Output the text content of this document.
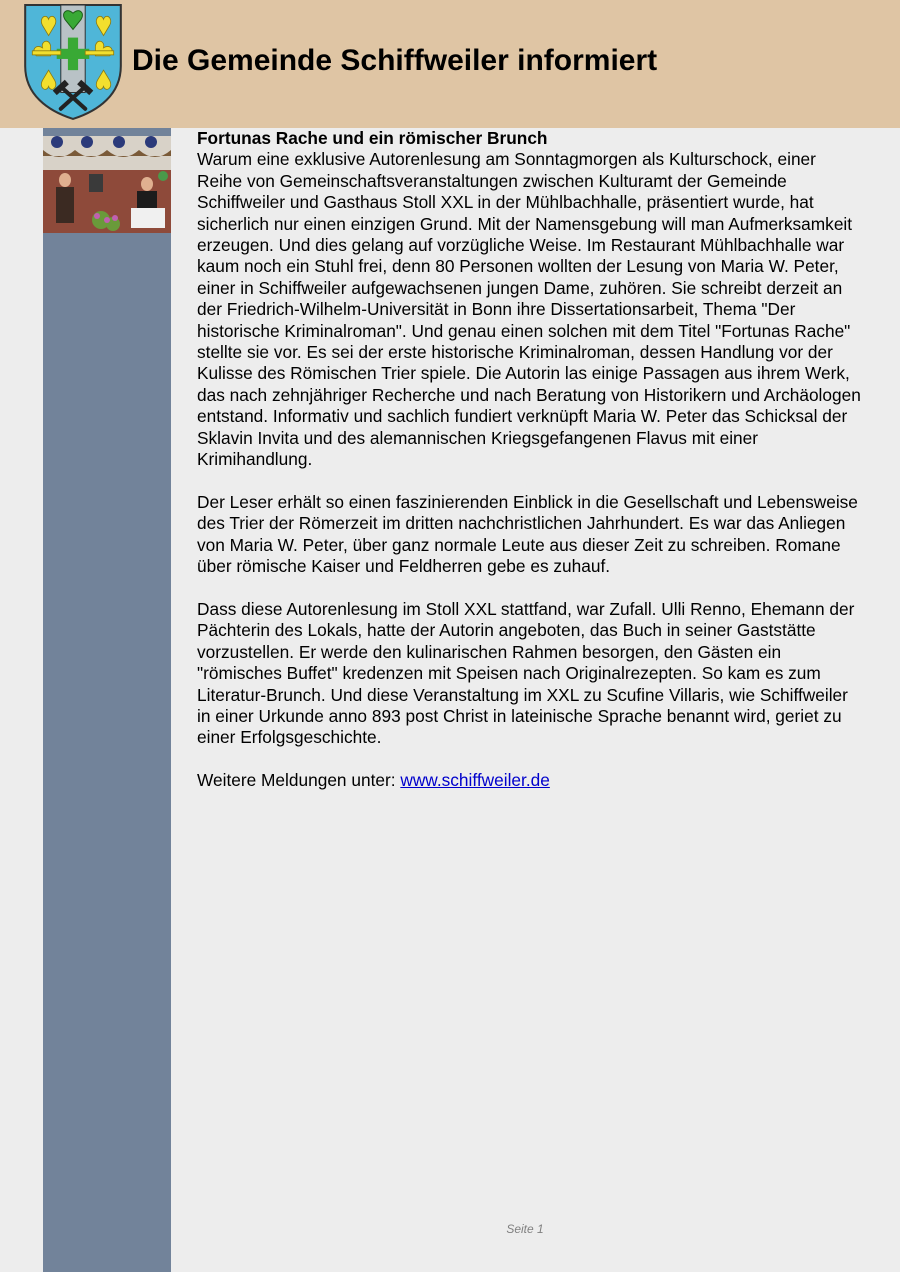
Die Gemeinde Schiffweiler informiert
Fortunas Rache und ein römischer Brunch

Warum eine exklusive Autorenlesung am Sonntagmorgen als Kulturschock, einer Reihe von Gemeinschaftsveranstaltungen zwischen Kulturamt der Gemeinde Schiffweiler und Gasthaus Stoll XXL in der Mühlbachhalle, präsentiert wurde, hat sicherlich nur einen einzigen Grund. Mit der Namensgebung will man Aufmerksamkeit erzeugen. Und dies gelang auf vorzügliche Weise. Im Restaurant Mühlbachhalle war kaum noch ein Stuhl frei, denn 80 Personen wollten der Lesung von Maria W. Peter, einer in Schiffweiler aufgewachsenen jungen Dame, zuhören. Sie schreibt derzeit an der Friedrich-Wilhelm-Universität in Bonn ihre Dissertationsarbeit, Thema "Der historische Kriminalroman". Und genau einen solchen mit dem Titel "Fortunas Rache" stellte sie vor. Es sei der erste historische Kriminalroman, dessen Handlung vor der Kulisse des Römischen Trier spiele. Die Autorin las einige Passagen aus ihrem Werk, das nach zehnjähriger Recherche und nach Beratung von Historikern und Archäologen entstand. Informativ und sachlich fundiert verknüpft Maria W. Peter das Schicksal der Sklavin Invita und des alemannischen Kriegsgefangenen Flavus mit einer Krimihandlung.

Der Leser erhält so einen faszinierenden Einblick in die Gesellschaft und Lebensweise des Trier der Römerzeit im dritten nachchristlichen Jahrhundert. Es war das Anliegen von Maria W. Peter, über ganz normale Leute aus dieser Zeit zu schreiben. Romane über römische Kaiser und Feldherren gebe es zuhauf.

Dass diese Autorenlesung im Stoll XXL stattfand, war Zufall. Ulli Renno, Ehemann der Pächterin des Lokals, hatte der Autorin angeboten, das Buch in seiner Gaststätte vorzustellen. Er werde den kulinarischen Rahmen besorgen, den Gästen ein "römisches Buffet" kredenzen mit Speisen nach Originalrezepten. So kam es zum Literatur-Brunch. Und diese Veranstaltung im XXL zu Scufine Villaris, wie Schiffweiler in einer Urkunde anno 893 post Christ in lateinische Sprache benannt wird, geriet zu einer Erfolgsgeschichte.

Weitere Meldungen unter: www.schiffweiler.de

Seite 1
